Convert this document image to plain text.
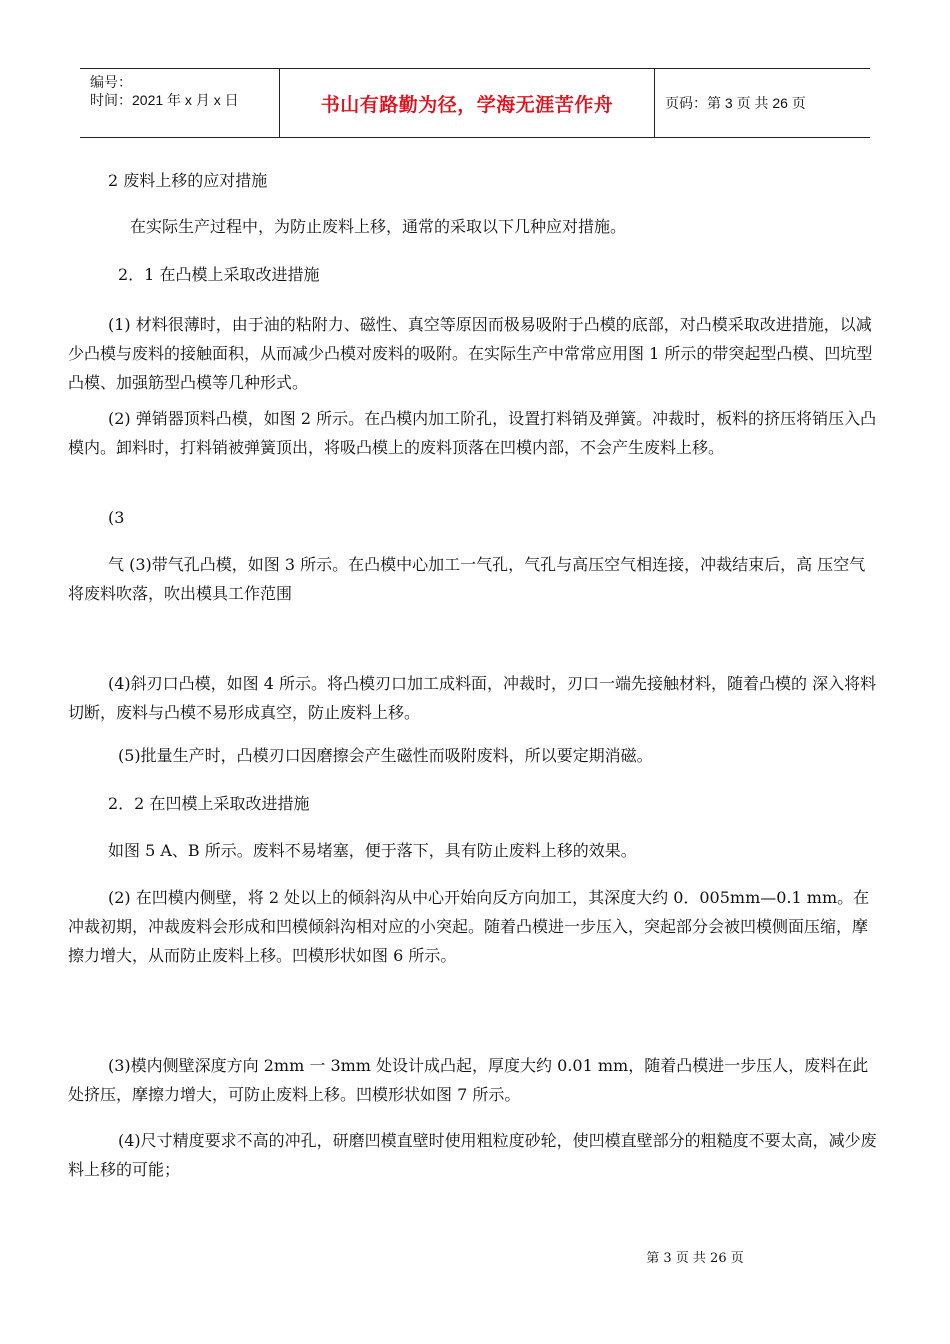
编号：
时间：2021 年 x 月 x 日	书山有路勤为径，学海无涯苦作舟	页码：第 3 页 共 26 页

2 废料上移的应对措施

在实际生产过程中，为防止废料上移，通常的采取以下几种应对措施。

2．1 在凸模上采取改进措施

(1) 材料很薄时，由于油的粘附力、磁性、真空等原因而极易吸附于凸模的底部，对凸模采取改进措施，以减少凸模与废料的接触面积，从而减少凸模对废料的吸附。在实际生产中常常应用图 1 所示的带突起型凸模、凹坑型凸模、加强筋型凸模等几种形式。

(2) 弹销器顶料凸模，如图 2 所示。在凸模内加工阶孔，设置打料销及弹簧。冲裁时，板料的挤压将销压入凸模内。卸料时，打料销被弹簧顶出，将吸凸模上的废料顶落在凹模内部，不会产生废料上移。

(3

气 (3)带气孔凸模，如图 3 所示。在凸模中心加工一气孔，气孔与高压空气相连接，冲裁结束后，高 压空气将废料吹落，吹出模具工作范围

(4)斜刃口凸模，如图 4 所示。将凸模刃口加工成料面，冲裁时，刃口一端先接触材料，随着凸模的 深入将料切断，废料与凸模不易形成真空，防止废料上移。

(5)批量生产时，凸模刃口因磨擦会产生磁性而吸附废料，所以要定期消磁。

2．2 在凹模上采取改进措施

如图 5 A、B 所示。废料不易堵塞，便于落下，具有防止废料上移的效果。

(2) 在凹模内侧壁，将 2 处以上的倾斜沟从中心开始向反方向加工，其深度大约 0．005mm—0.1 mm。在冲裁初期，冲裁废料会形成和凹模倾斜沟相对应的小突起。随着凸模进一步压入，突起部分会被凹模侧面压缩，摩擦力增大，从而防止废料上移。凹模形状如图 6 所示。

(3)模内侧壁深度方向 2mm 一 3mm 处设计成凸起，厚度大约 0.01 mm，随着凸模进一步压人，废料在此处挤压，摩擦力增大，可防止废料上移。凹模形状如图 7 所示。

(4)尺寸精度要求不高的冲孔，研磨凹模直壁时使用粗粒度砂轮，使凹模直壁部分的粗糙度不要太高，减少废料上移的可能；

第 3 页 共 26 页
